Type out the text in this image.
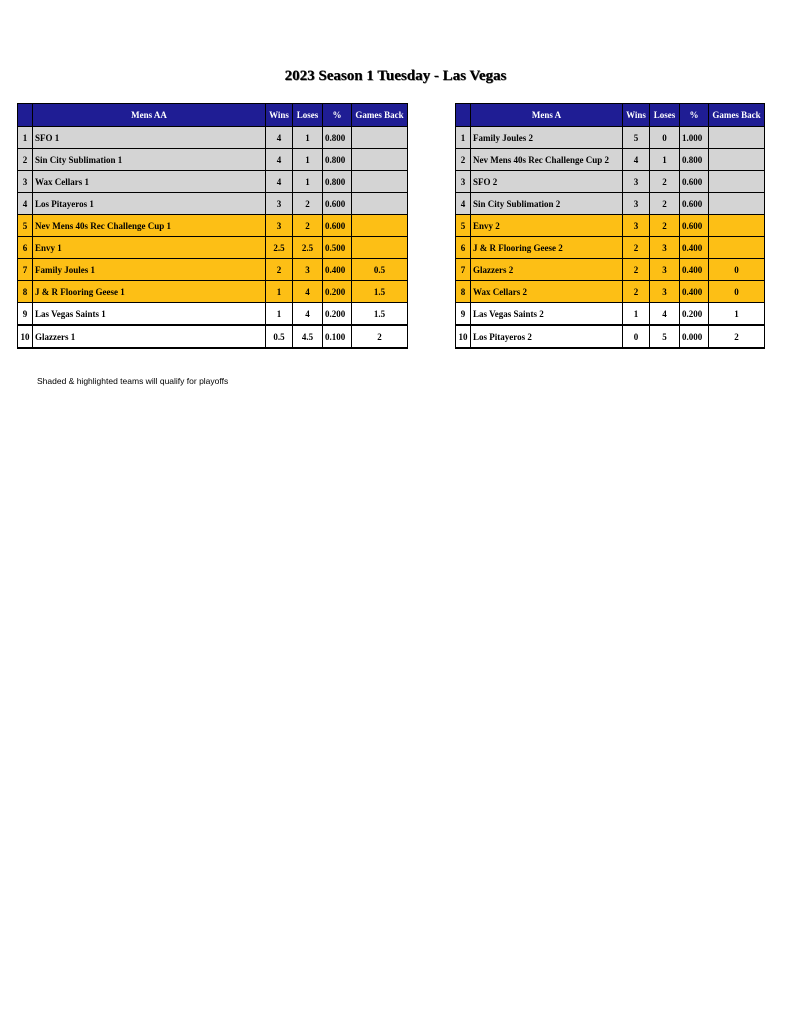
2023 Season 1 Tuesday - Las Vegas
	Mens AA	Wins	Loses	%	Games Back
1	SFO 1	4	1	0.800	
2	Sin City Sublimation 1	4	1	0.800	
3	Wax Cellars 1	4	1	0.800	
4	Los Pitayeros 1	3	2	0.600	
5	Nev Mens 40s Rec Challenge Cup 1	3	2	0.600	
6	Envy 1	2.5	2.5	0.500	
7	Family Joules 1	2	3	0.400	0.5
8	J & R Flooring Geese 1	1	4	0.200	1.5
9	Las Vegas Saints 1	1	4	0.200	1.5
10	Glazzers 1	0.5	4.5	0.100	2
	Mens A	Wins	Loses	%	Games Back
1	Family Joules 2	5	0	1.000	
2	Nev Mens 40s Rec Challenge Cup 2	4	1	0.800	
3	SFO 2	3	2	0.600	
4	Sin City Sublimation 2	3	2	0.600	
5	Envy 2	3	2	0.600	
6	J & R Flooring Geese 2	2	3	0.400	
7	Glazzers 2	2	3	0.400	0
8	Wax Cellars 2	2	3	0.400	0
9	Las Vegas Saints 2	1	4	0.200	1
10	Los Pitayeros 2	0	5	0.000	2
Shaded & highlighted teams will qualify for playoffs
